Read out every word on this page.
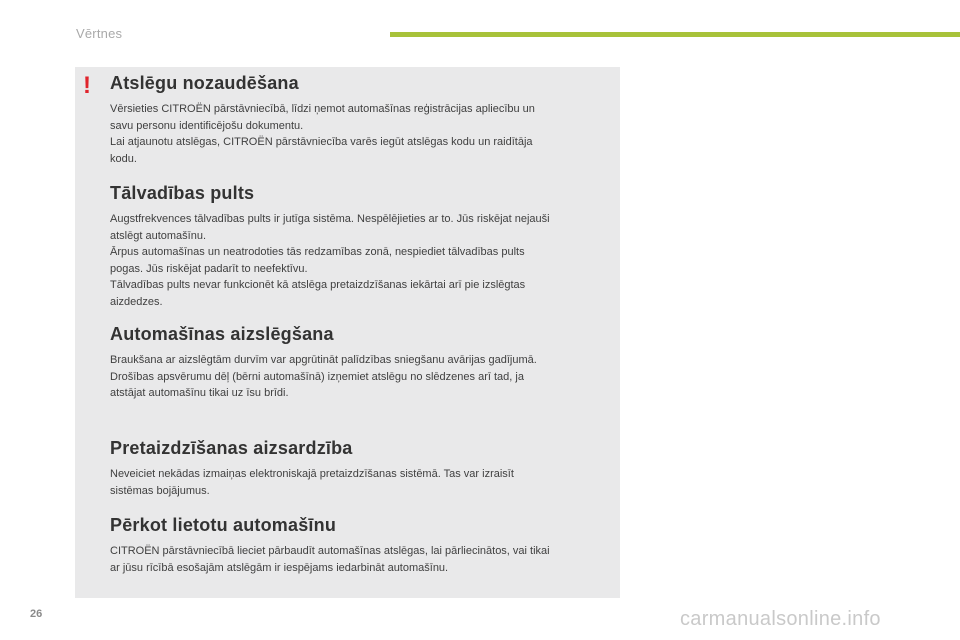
Vērtnes
! Atslēgu nozaudēšana

Vērsieties CITROËN pārstāvniecībā, līdzi ņemot automašīnas reģistrācijas apliecību un
savu personu identificējošu dokumentu.
Lai atjaunotu atslēgas, CITROËN pārstāvniecība varēs iegūt atslēgas kodu un raidītāja
kodu.

Tālvadības pults

Augstfrekvences tālvadības pults ir jutīga sistēma. Nespēlējieties ar to. Jūs riskējat nejauši
atslēgt automašīnu.
Ārpus automašīnas un neatrodoties tās redzamības zonā, nespiediet tālvadības pults
pogas. Jūs riskējat padarīt to neefektīvu.
Tālvadības pults nevar funkcionēt kā atslēga pretaizdzīšanas iekārtai arī pie izslēgtas
aizdedzes.

Automašīnas aizslēgšana

Braukšana ar aizslēgtām durvīm var apgrūtināt palīdzības sniegšanu avārijas gadījumā.
Drošības apsvērumu dēļ (bērni automašīnā) izņemiet atslēgu no slēdzenes arī tad, ja
atstājat automašīnu tikai uz īsu brīdi.

Pretaizdzīšanas aizsardzība

Neveiciet nekādas izmaiņas elektroniskajā pretaizdzīšanas sistēmā. Tas var izraisīt
sistēmas bojājumus.

Pērkot lietotu automašīnu

CITROËN pārstāvniecībā lieciet pārbaudīt automašīnas atslēgas, lai pārliecinātos, vai tikai
ar jūsu rīcībā esošajām atslēgām ir iespējams iedarbināt automašīnu.

26	carmanualsonline.info
